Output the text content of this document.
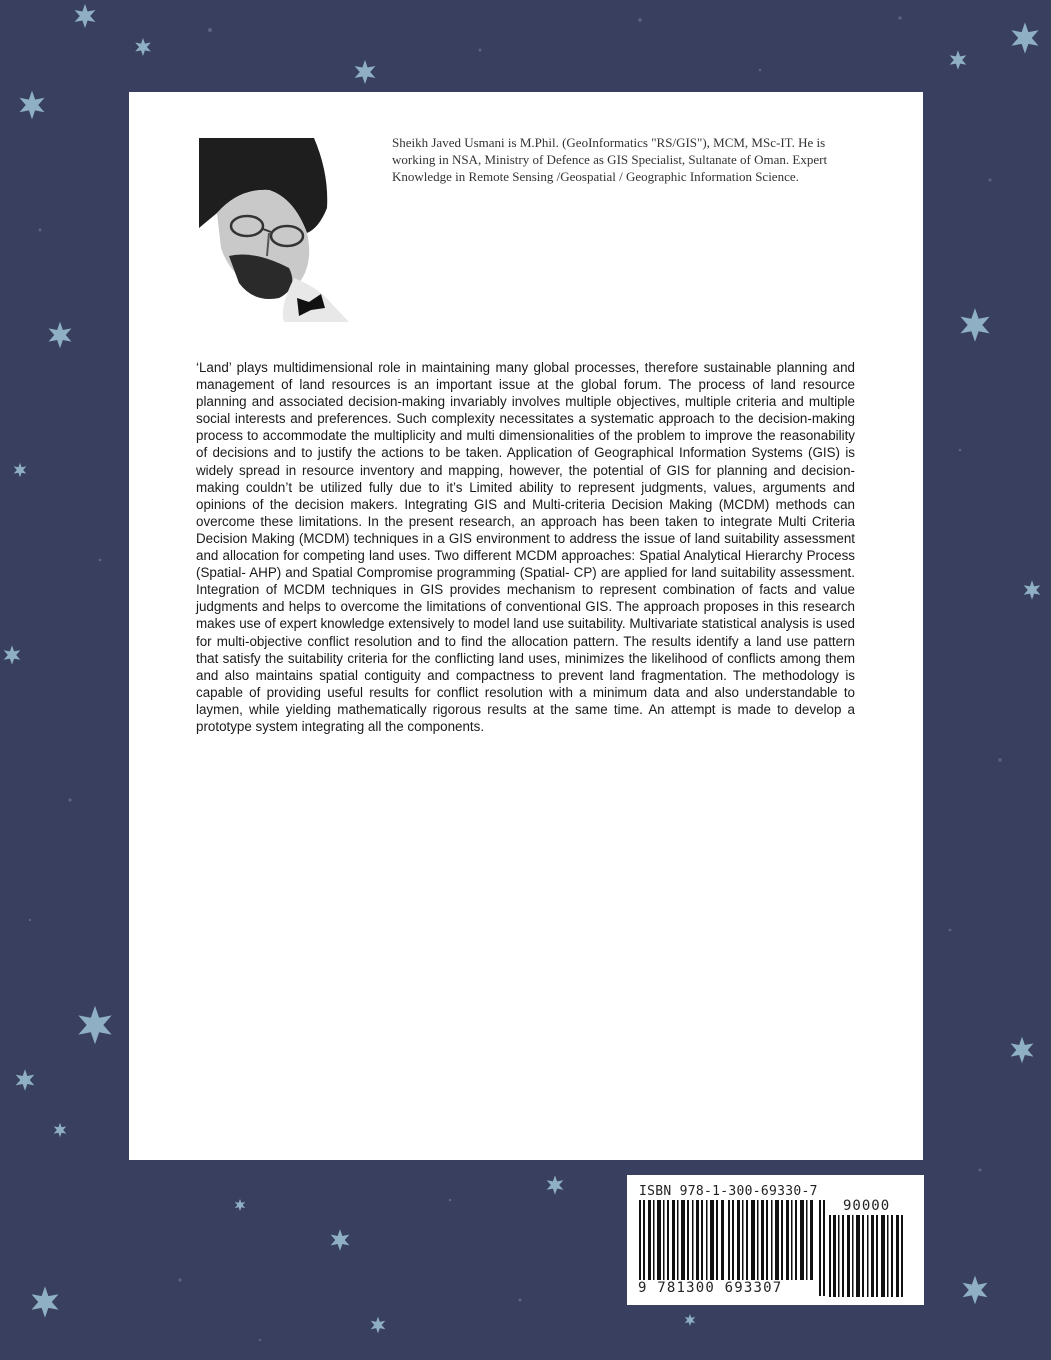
Sheikh Javed Usmani is M.Phil. (GeoInformatics "RS/GIS"), MCM, MSc-IT. He is working in NSA, Ministry of Defence as GIS Specialist, Sultanate of Oman. Expert Knowledge in Remote Sensing /Geospatial / Geographic Information Science.

‘Land’ plays multidimensional role in maintaining many global processes, therefore sustainable planning and management of land resources is an important issue at the global forum. The process of land resource planning and associated decision-making invariably involves multiple objectives, multiple criteria and multiple social interests and preferences. Such complexity necessitates a systematic approach to the decision-making process to accommodate the multiplicity and multi dimensionalities of the problem to improve the reasonability of decisions and to justify the actions to be taken. Application of Geographical Information Systems (GIS) is widely spread in resource inventory and mapping, however, the potential of GIS for planning and decision-making couldn’t be utilized fully due to it’s Limited ability to represent judgments, values, arguments and opinions of the decision makers. Integrating GIS and Multi-criteria Decision Making (MCDM) methods can overcome these limitations. In the present research, an approach has been taken to integrate Multi Criteria Decision Making (MCDM) techniques in a GIS environment to address the issue of land suitability assessment and allocation for competing land uses. Two different MCDM approaches: Spatial Analytical Hierarchy Process (Spatial- AHP) and Spatial Compromise programming (Spatial- CP) are applied for land suitability assessment. Integration of MCDM techniques in GIS provides mechanism to represent combination of facts and value judgments and helps to overcome the limitations of conventional GIS. The approach proposes in this research makes use of expert knowledge extensively to model land use suitability. Multivariate statistical analysis is used for multi-objective conflict resolution and to find the allocation pattern. The results identify a land use pattern that satisfy the suitability criteria for the conflicting land uses, minimizes the likelihood of conflicts among them and also maintains spatial contiguity and compactness to prevent land fragmentation. The methodology is capable of providing useful results for conflict resolution with a minimum data and also understandable to laymen, while yielding mathematically rigorous results at the same time. An attempt is made to develop a prototype system integrating all the components.

ISBN 978-1-300-69330-7
90000
9 781300 693307
